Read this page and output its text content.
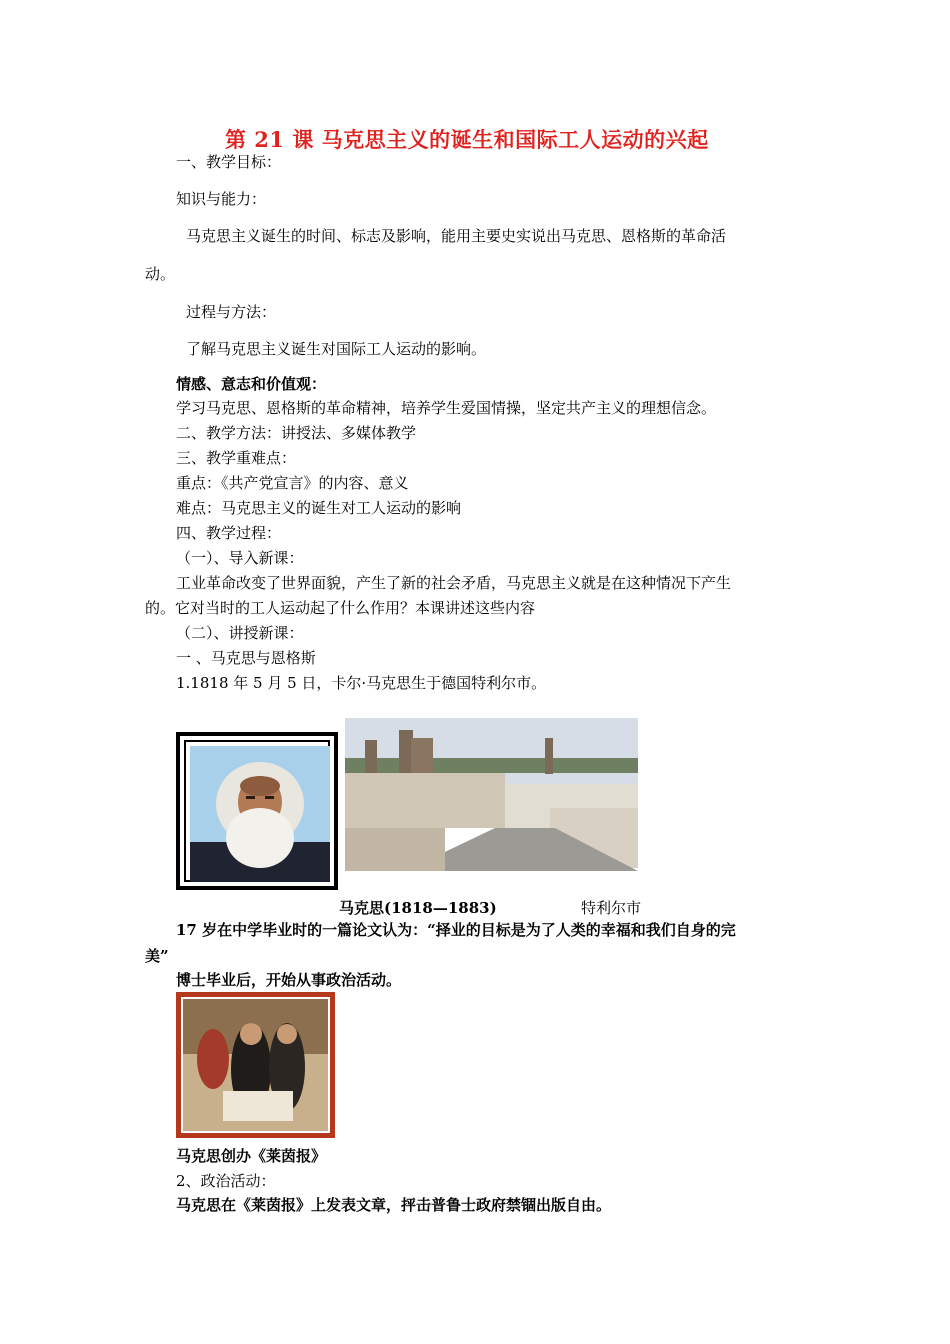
第 21 课 马克思主义的诞生和国际工人运动的兴起
一、教学目标：
知识与能力：
马克思主义诞生的时间、标志及影响，能用主要史实说出马克思、恩格斯的革命活
动。
过程与方法：
了解马克思主义诞生对国际工人运动的影响。
情感、意志和价值观：
学习马克思、恩格斯的革命精神，培养学生爱国情操，坚定共产主义的理想信念。
二、教学方法：讲授法、多媒体教学
三、教学重难点：
重点：《共产党宣言》的内容、意义
难点：马克思主义的诞生对工人运动的影响
四、教学过程：
（一）、导入新课：
工业革命改变了世界面貌，产生了新的社会矛盾，马克思主义就是在这种情况下产生
的。它对当时的工人运动起了什么作用？本课讲述这些内容
（二）、讲授新课：
一 、马克思与恩格斯
1.1818 年 5 月 5 日，卡尔·马克思生于德国特利尔市。
马克思(1818—1883)	特利尔市
17 岁在中学毕业时的一篇论文认为：“择业的目标是为了人类的幸福和我们自身的完
美”
博士毕业后，开始从事政治活动。
马克思创办《莱茵报》
2、政治活动：
马克思在《莱茵报》上发表文章，抨击普鲁士政府禁锢出版自由。
